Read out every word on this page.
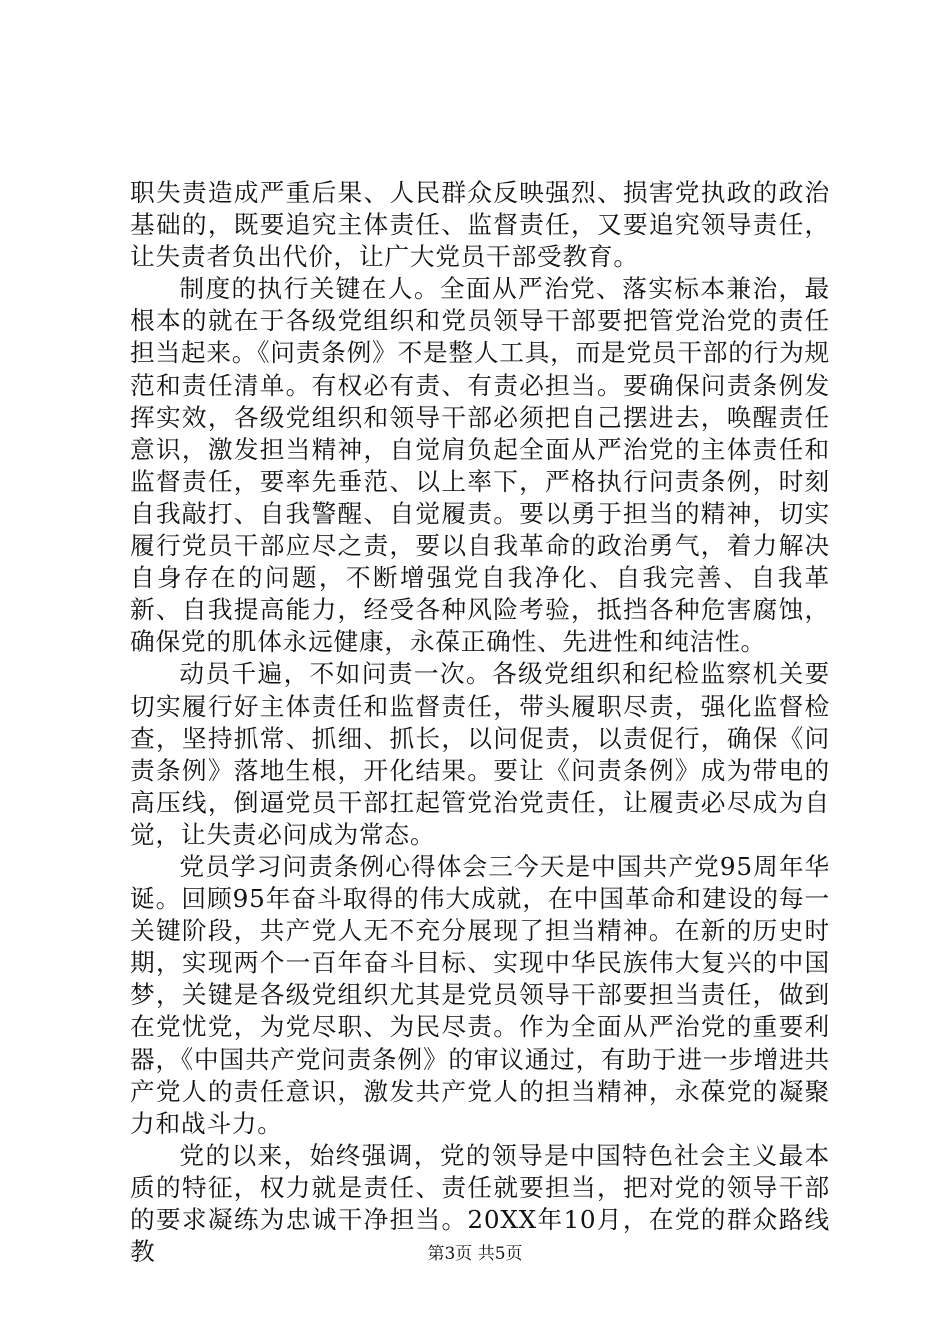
职失责造成严重后果、人民群众反映强烈、损害党执政的政治基础的，既要追究主体责任、监督责任，又要追究领导责任，让失责者负出代价，让广大党员干部受教育。

制度的执行关键在人。全面从严治党、落实标本兼治，最根本的就在于各级党组织和党员领导干部要把管党治党的责任担当起来。《问责条例》不是整人工具，而是党员干部的行为规范和责任清单。有权必有责、有责必担当。要确保问责条例发挥实效，各级党组织和领导干部必须把自己摆进去，唤醒责任意识，激发担当精神，自觉肩负起全面从严治党的主体责任和监督责任，要率先垂范、以上率下，严格执行问责条例，时刻自我敲打、自我警醒、自觉履责。要以勇于担当的精神，切实履行党员干部应尽之责，要以自我革命的政治勇气，着力解决自身存在的问题，不断增强党自我净化、自我完善、自我革新、自我提高能力，经受各种风险考验，抵挡各种危害腐蚀，确保党的肌体永远健康，永葆正确性、先进性和纯洁性。

动员千遍，不如问责一次。各级党组织和纪检监察机关要切实履行好主体责任和监督责任，带头履职尽责，强化监督检查，坚持抓常、抓细、抓长，以问促责，以责促行，确保《问责条例》落地生根，开化结果。要让《问责条例》成为带电的高压线，倒逼党员干部扛起管党治党责任，让履责必尽成为自觉，让失责必问成为常态。

党员学习问责条例心得体会三今天是中国共产党95周年华诞。回顾95年奋斗取得的伟大成就，在中国革命和建设的每一关键阶段，共产党人无不充分展现了担当精神。在新的历史时期，实现两个一百年奋斗目标、实现中华民族伟大复兴的中国梦，关键是各级党组织尤其是党员领导干部要担当责任，做到在党忧党，为党尽职、为民尽责。作为全面从严治党的重要利器，《中国共产党问责条例》的审议通过，有助于进一步增进共产党人的责任意识，激发共产党人的担当精神，永葆党的凝聚力和战斗力。

党的以来，始终强调，党的领导是中国特色社会主义最本质的特征，权力就是责任、责任就要担当，把对党的领导干部的要求凝练为忠诚干净担当。20XX年10月，在党的群众路线教	第3页 共5页
